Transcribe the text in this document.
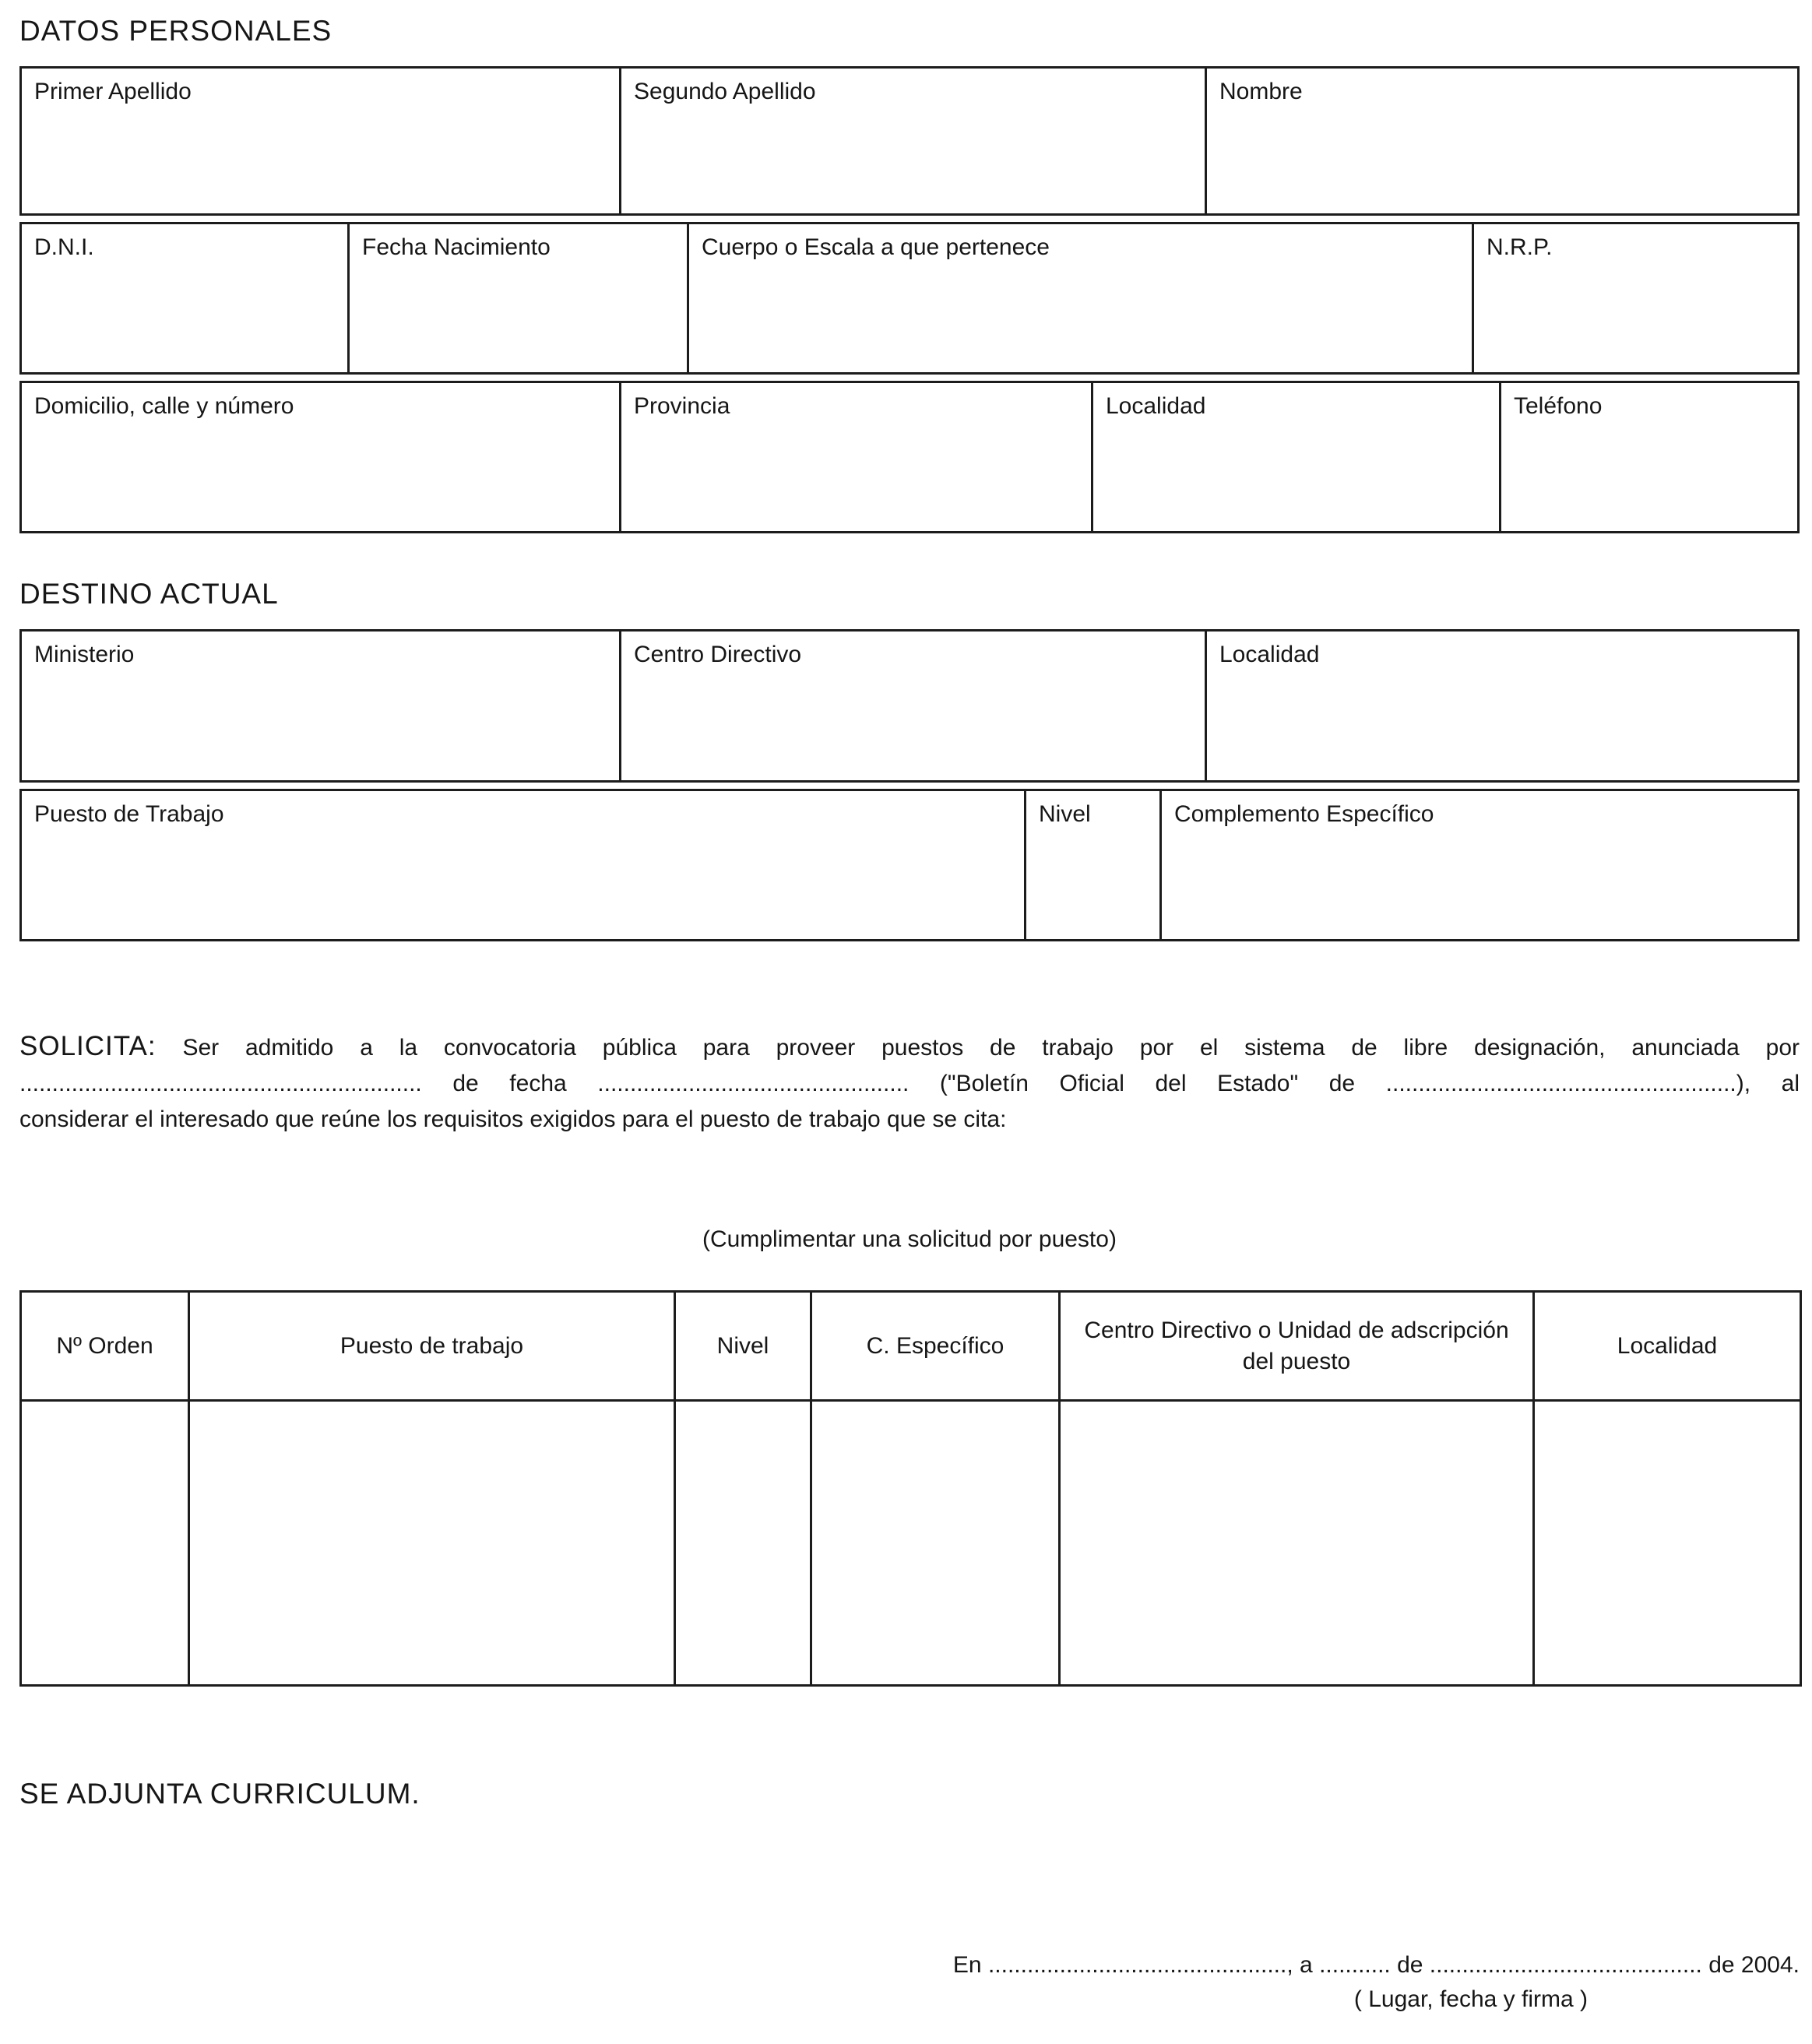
DATOS PERSONALES
Primer Apellido	Segundo Apellido	Nombre
D.N.I.	Fecha Nacimiento	Cuerpo o Escala a que pertenece	N.R.P.
Domicilio, calle y número	Provincia	Localidad	Teléfono
DESTINO ACTUAL
Ministerio	Centro Directivo	Localidad
Puesto de Trabajo	Nivel	Complemento Específico
SOLICITA: Ser admitido a la convocatoria pública para proveer puestos de trabajo por el sistema de libre designación, anunciada por
.............................................................. de fecha ................................................ ("Boletín Oficial del Estado" de ......................................................), al
considerar el interesado que reúne los requisitos exigidos para el puesto de trabajo que se cita:
(Cumplimentar una solicitud por puesto)
Nº Orden	Puesto de trabajo	Nivel	C. Específico	Centro Directivo o Unidad de adscripción del puesto	Localidad

SE ADJUNTA CURRICULUM.
En .............................................., a ........... de .......................................... de 2004.
( Lugar, fecha y firma )
